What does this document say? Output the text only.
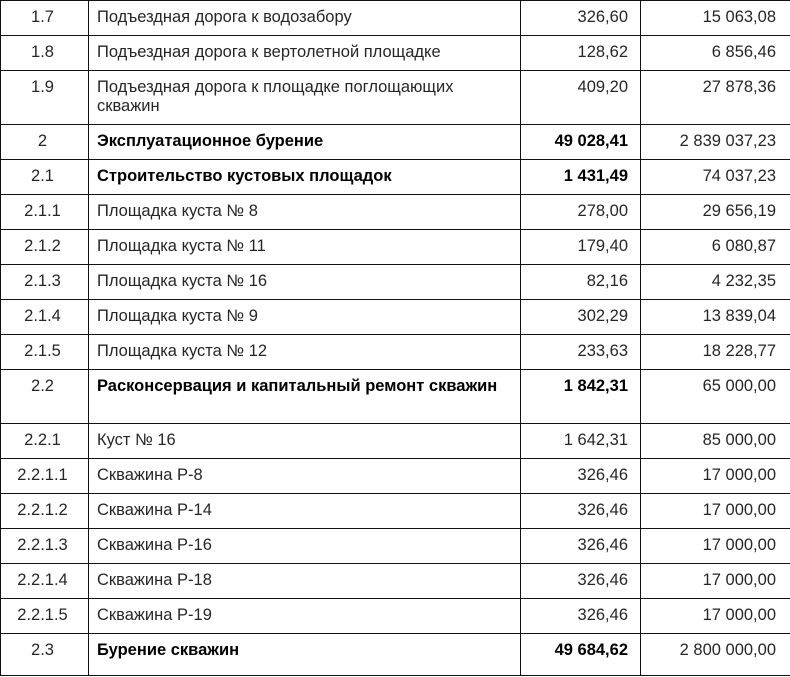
1.7	Подъездная дорога к водозабору	326,60	15 063,08
1.8	Подъездная дорога к вертолетной площадке	128,62	6 856,46
1.9	Подъездная дорога к площадке поглощающих скважин	409,20	27 878,36
2	Эксплуатационное бурение	49 028,41	2 839 037,23
2.1	Строительство кустовых площадок	1 431,49	74 037,23
2.1.1	Площадка куста № 8	278,00	29 656,19
2.1.2	Площадка куста № 11	179,40	6 080,87
2.1.3	Площадка куста № 16	82,16	4 232,35
2.1.4	Площадка куста № 9	302,29	13 839,04
2.1.5	Площадка куста № 12	233,63	18 228,77
2.2	Расконсервация и капитальный ремонт скважин	1 842,31	65 000,00
2.2.1	Куст № 16	1 642,31	85 000,00
2.2.1.1	Скважина Р-8	326,46	17 000,00
2.2.1.2	Скважина Р-14	326,46	17 000,00
2.2.1.3	Скважина Р-16	326,46	17 000,00
2.2.1.4	Скважина Р-18	326,46	17 000,00
2.2.1.5	Скважина Р-19	326,46	17 000,00
2.3	Бурение скважин	49 684,62	2 800 000,00
